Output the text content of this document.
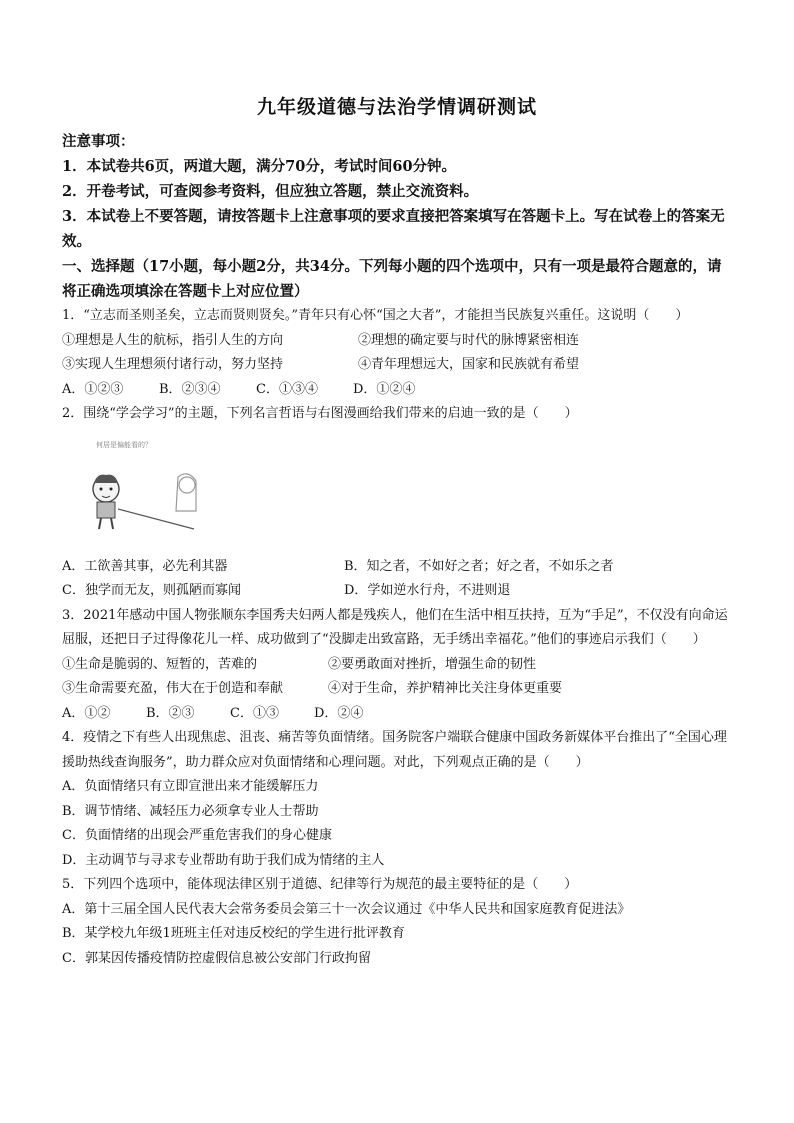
九年级道德与法治学情调研测试
注意事项：
1．本试卷共6页，两道大题，满分70分，考试时间60分钟。
2．开卷考试，可查阅参考资料，但应独立答题，禁止交流资料。
3．本试卷上不要答题，请按答题卡上注意事项的要求直接把答案填写在答题卡上。写在试卷上的答案无效。
一、选择题（17小题，每小题2分，共34分。下列每小题的四个选项中，只有一项是最符合题意的，请将正确选项填涂在答题卡上对应位置）
1．“立志而圣则圣矣，立志而贤则贤矣。”青年只有心怀“国之大者”，才能担当民族复兴重任。这说明（　　）
①理想是人生的航标，指引人生的方向	②理想的确定要与时代的脉博紧密相连
③实现人生理想须付诸行动，努力坚持	④青年理想远大，国家和民族就有希望
A．①②③	B．②③④	C．①③④	D．①②④
2．围绕“学会学习”的主题，下列名言哲语与右图漫画给我们带来的启迪一致的是（　　）
何居是偏能看的？
A．工欲善其事，必先利其器	B．知之者，不如好之者；好之者，不如乐之者
C．独学而无友，则孤陋而寡闻	D．学如逆水行舟，不进则退
3．2021年感动中国人物张顺东李国秀夫妇两人都是残疾人，他们在生活中相互扶持，互为“手足”，不仅没有向命运屈服，还把日子过得像花儿一样、成功做到了“没脚走出致富路，无手绣出幸福花。”他们的事迹启示我们（　　）
①生命是脆弱的、短暂的，苦难的	②要勇敢面对挫折，增强生命的韧性
③生命需要充盈，伟大在于创造和奉献	④对于生命，养护精神比关注身体更重要
A．①②	B．②③	C．①③	D．②④
4．疫情之下有些人出现焦虑、沮丧、痛苦等负面情绪。国务院客户端联合健康中国政务新媒体平台推出了“全国心理援助热线查询服务”，助力群众应对负面情绪和心理问题。对此，下列观点正确的是（　　）
A．负面情绪只有立即宣泄出来才能缓解压力
B．调节情绪、减轻压力必须拿专业人士帮助
C．负面情绪的出现会严重危害我们的身心健康
D．主动调节与寻求专业帮助有助于我们成为情绪的主人
5．下列四个选项中，能体现法律区别于道德、纪律等行为规范的最主要特征的是（　　）
A．第十三届全国人民代表大会常务委员会第三十一次会议通过《中华人民共和国家庭教育促进法》
B．某学校九年级1班班主任对违反校纪的学生进行批评教育
C．郭某因传播疫情防控虚假信息被公安部门行政拘留
